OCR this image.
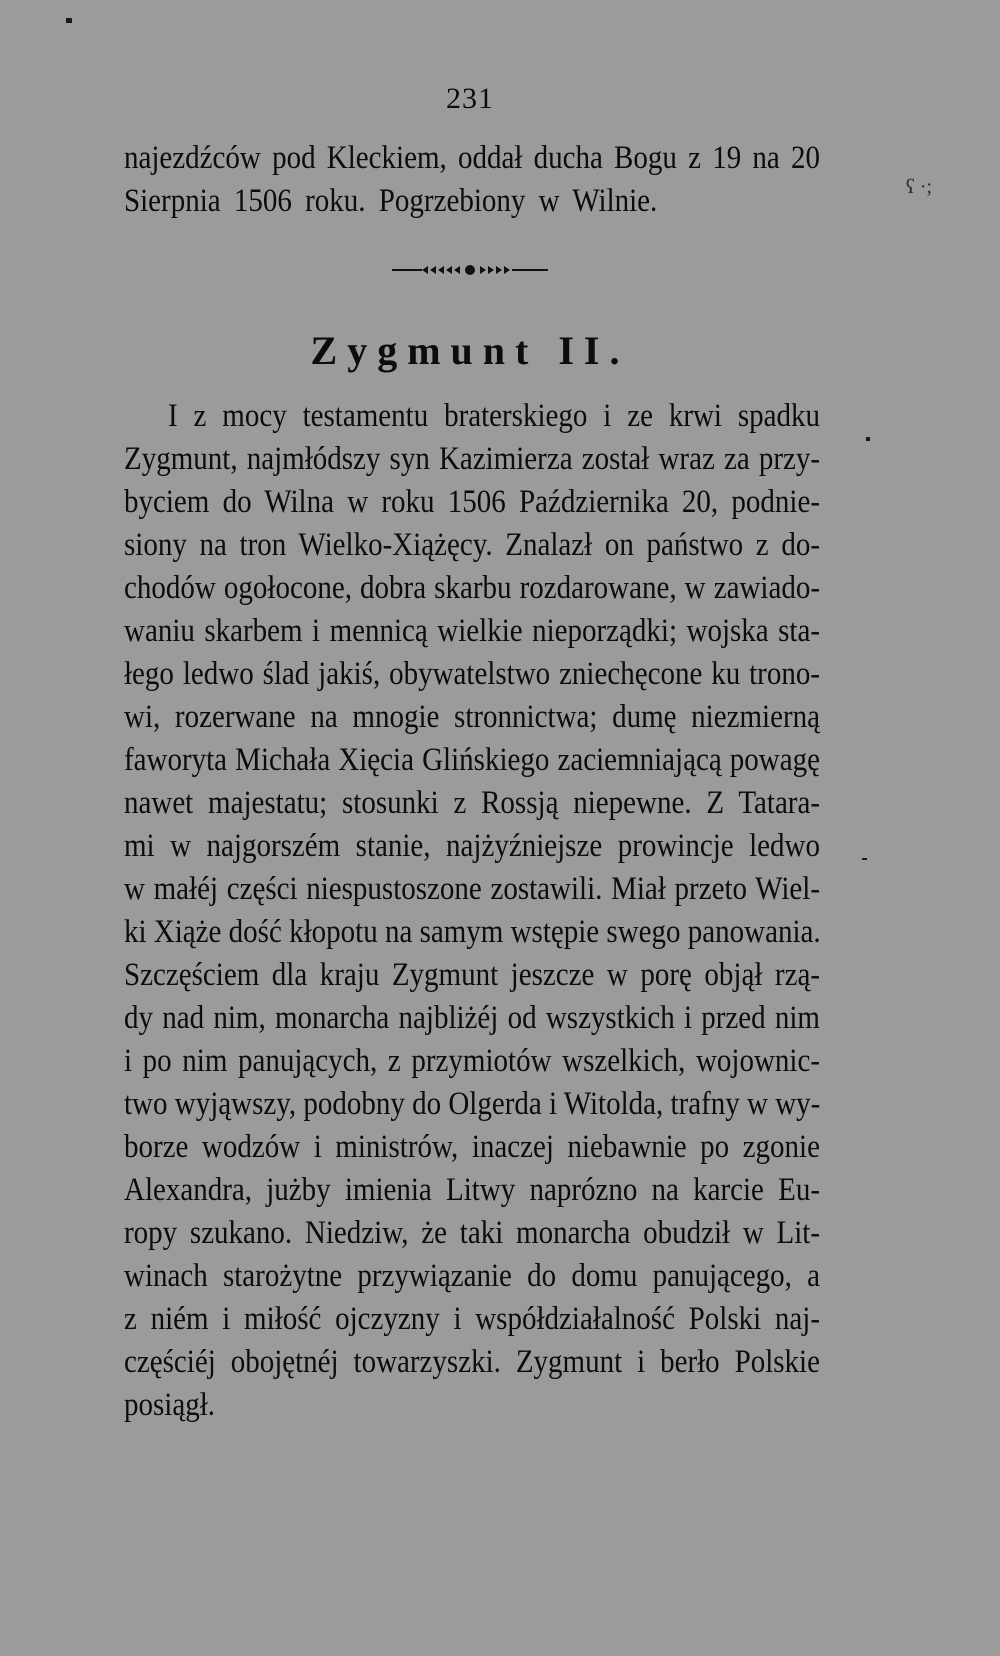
231
najezdźców pod Kleckiem, oddał ducha Bogu z 19 na 20
Sierpnia 1506 roku. Pogrzebiony w Wilnie.
Zygmunt II.
I z mocy testamentu braterskiego i ze krwi spadku
Zygmunt, najmłódszy syn Kazimierza został wraz za przy-
byciem do Wilna w roku 1506 Października 20, podnie-
siony na tron Wielko-Xiążęcy. Znalazł on państwo z do-
chodów ogołocone, dobra skarbu rozdarowane, w zawiado-
waniu skarbem i mennicą wielkie nieporządki; wojska sta-
łego ledwo ślad jakiś, obywatelstwo zniechęcone ku trono-
wi, rozerwane na mnogie stronnictwa; dumę niezmierną
faworyta Michała Xięcia Glińskiego zaciemniającą powagę
nawet majestatu; stosunki z Rossją niepewne. Z Tatara-
mi w najgorszém stanie, najżyźniejsze prowincje ledwo
w małéj części niespustoszone zostawili. Miał przeto Wiel-
ki Xiąże dość kłopotu na samym wstępie swego panowania.
Szczęściem dla kraju Zygmunt jeszcze w porę objął rzą-
dy nad nim, monarcha najbliżéj od wszystkich i przed nim
i po nim panujących, z przymiotów wszelkich, wojownic-
two wyjąwszy, podobny do Olgerda i Witolda, trafny w wy-
borze wodzów i ministrów, inaczej niebawnie po zgonie
Alexandra, jużby imienia Litwy naprózno na karcie Eu-
ropy szukano. Niedziw, że taki monarcha obudził w Lit-
winach starożytne przywiązanie do domu panującego, a
z niém i miłość ojczyzny i współdziałalność Polski naj-
częściéj obojętnéj towarzyszki. Zygmunt i berło Polskie
posiągł.
ʕ ·;
